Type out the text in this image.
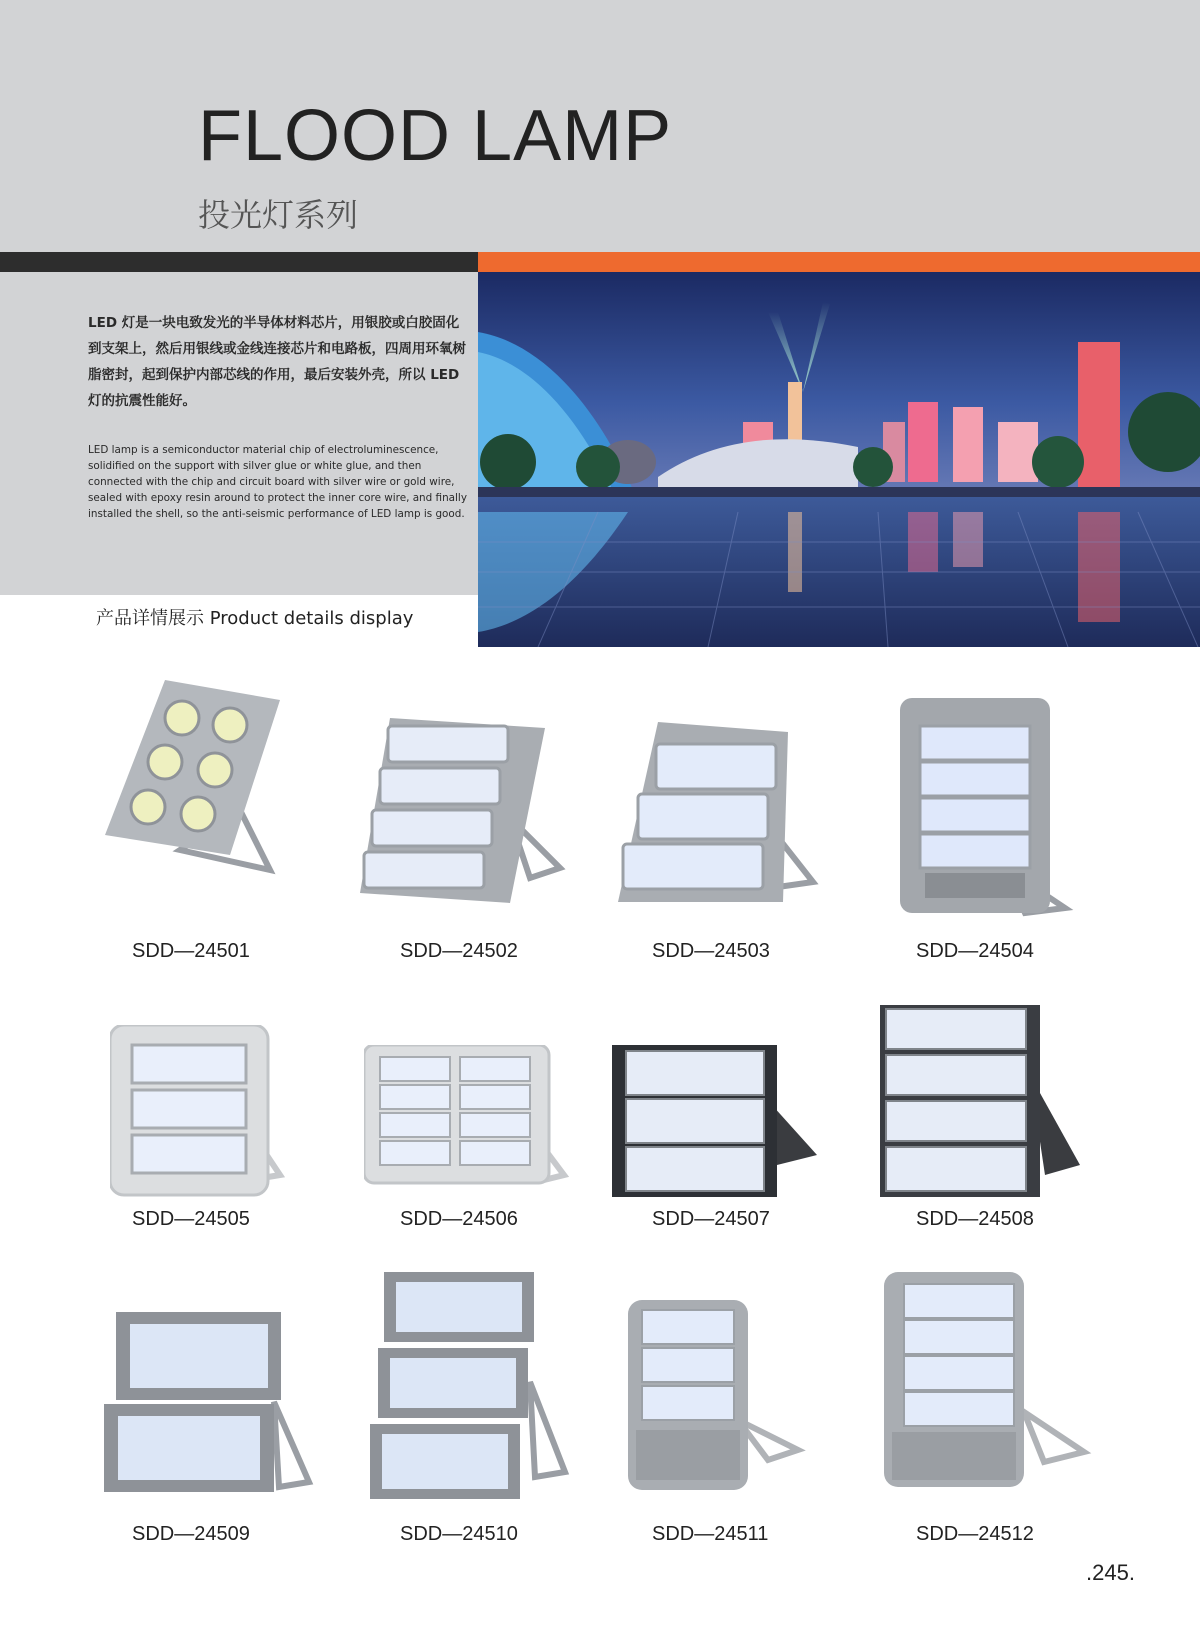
FLOOD LAMP
投光灯系列
LED 灯是一块电致发光的半导体材料芯片，用银胶或白胶固化到支架上，然后用银线或金线连接芯片和电路板，四周用环氧树脂密封，起到保护内部芯线的作用，最后安装外壳，所以 LED 灯的抗震性能好。
LED lamp is a semiconductor material chip of electroluminescence, solidified on the support with silver glue or white glue, and then connected with the chip and circuit board with silver wire or gold wire, sealed with epoxy resin around to protect the inner core wire, and finally installed the shell, so the anti-seismic performance of LED lamp is good.
产品详情展示 Product details display
SDD—24501	SDD—24502	SDD—24503	SDD—24504
SDD—24505	SDD—24506	SDD—24507	SDD—24508
SDD—24509	SDD—24510	SDD—24511	SDD—24512
.245.
